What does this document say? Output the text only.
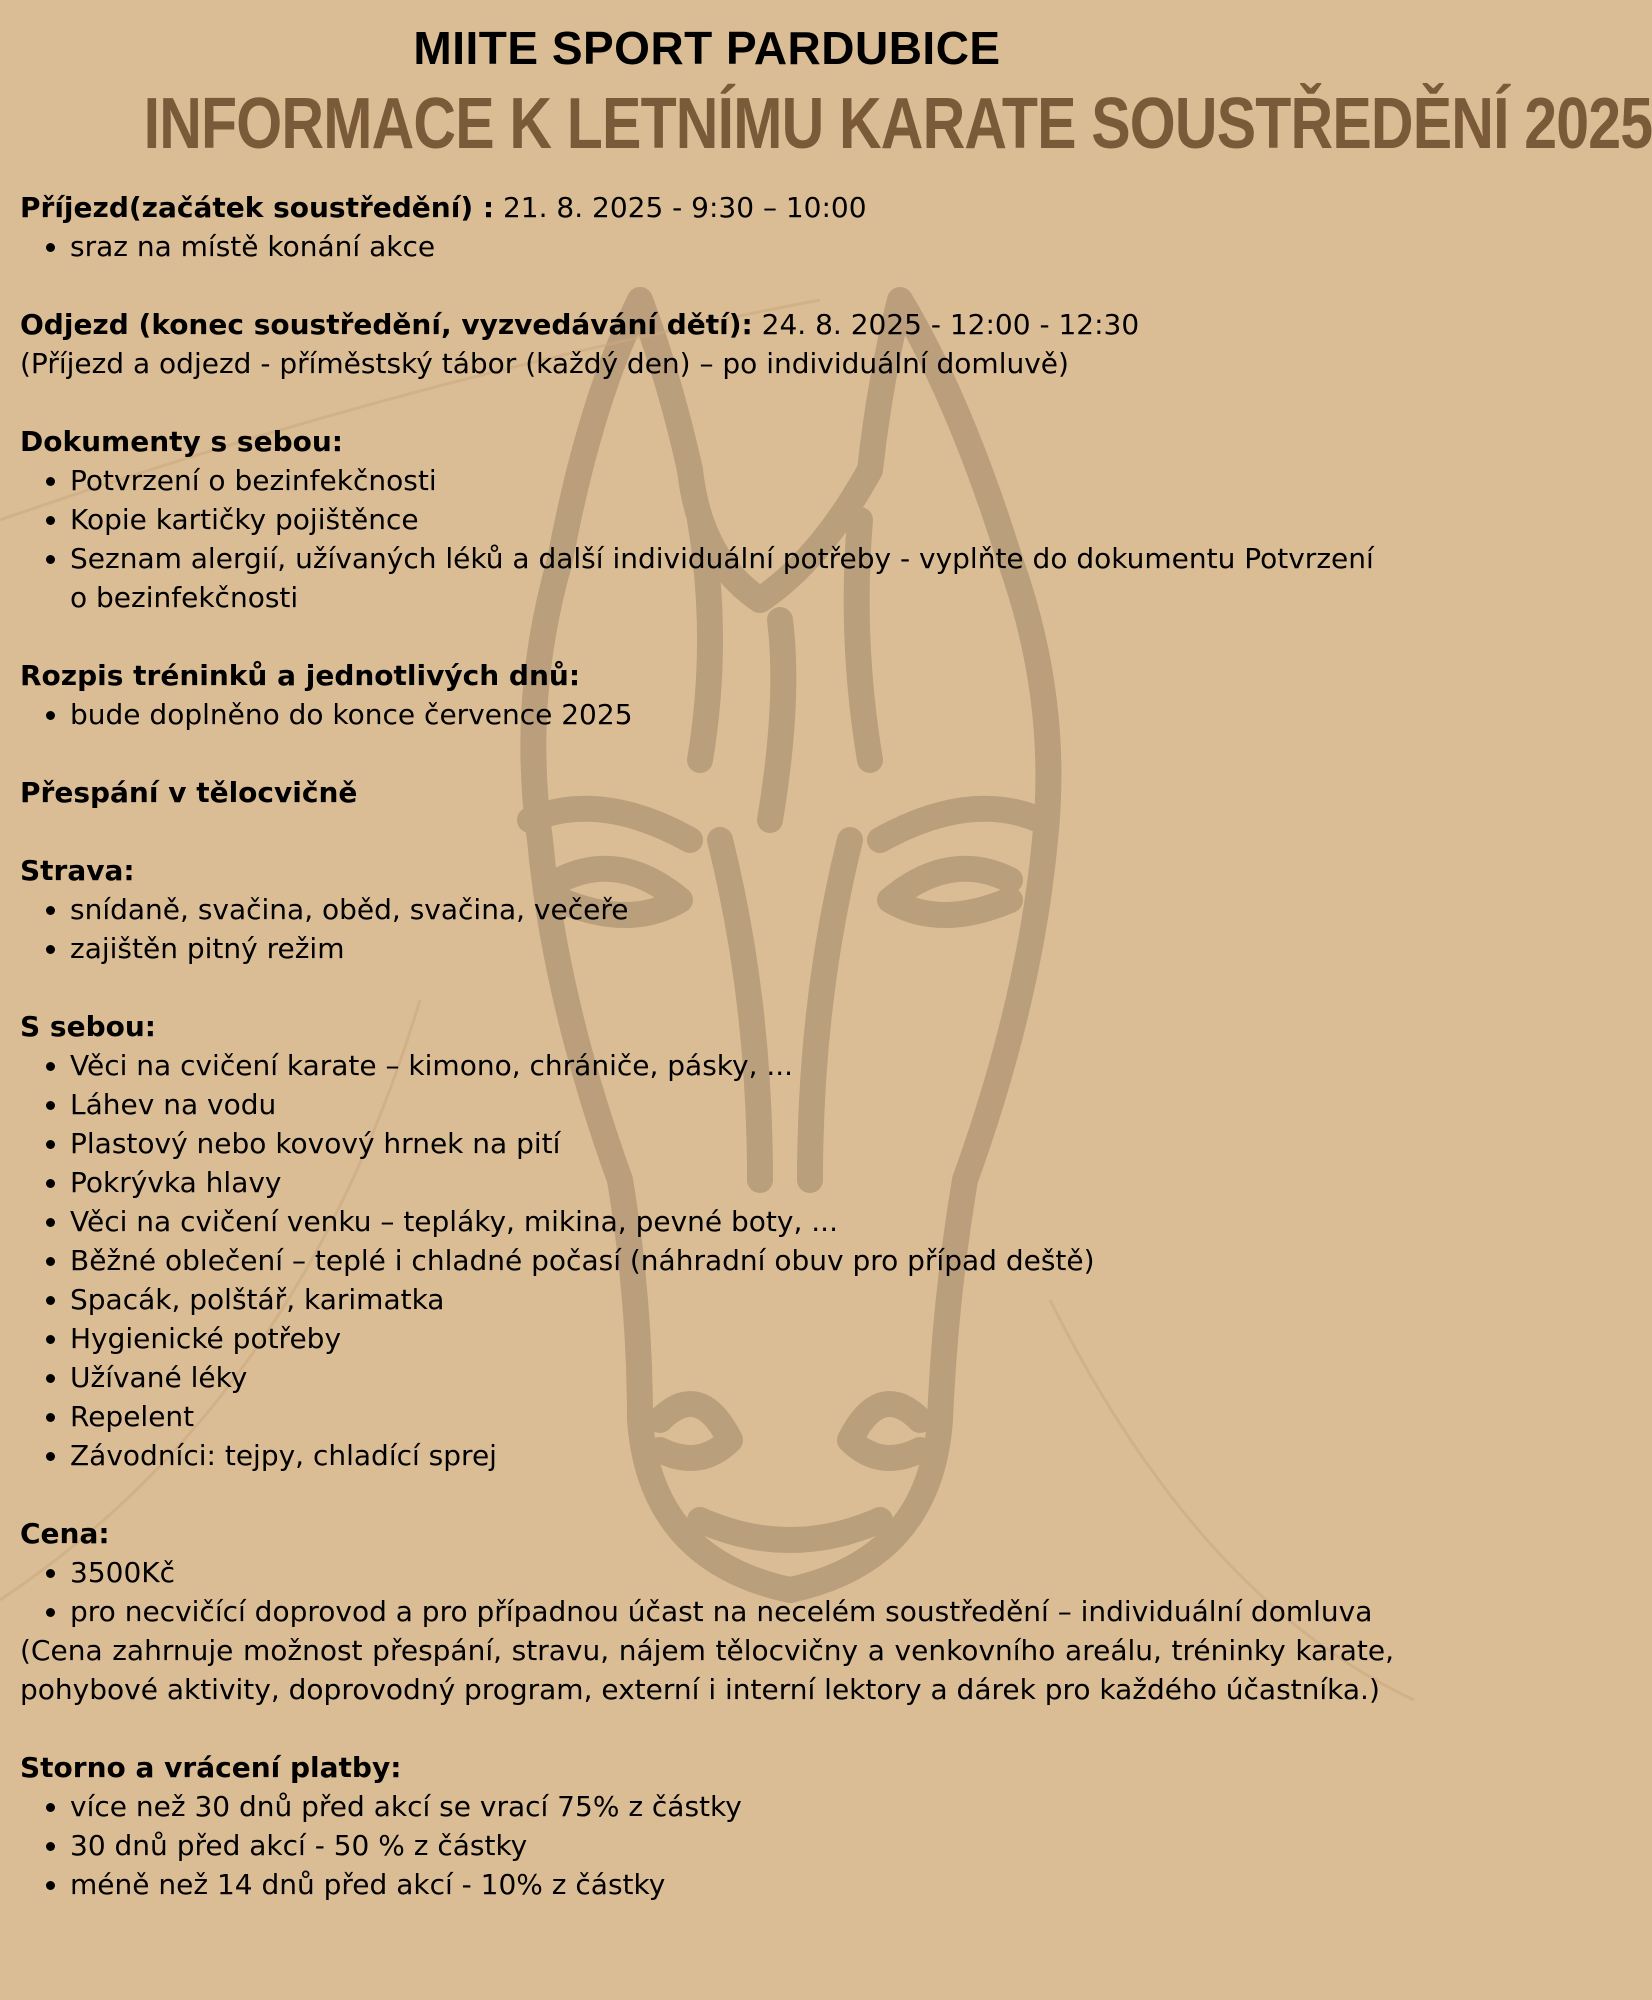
MIITE SPORT PARDUBICE
INFORMACE K LETNÍMU KARATE SOUSTŘEDĚNÍ 2025

Příjezd(začátek soustředění) : 21. 8. 2025 - 9:30 – 10:00

• sraz na místě konání akce

Odjezd (konec soustředění, vyzvedávání dětí): 24. 8. 2025 - 12:00 - 12:30

(Příjezd a odjezd - příměstský tábor (každý den) – po individuální domluvě)

Dokumenty s sebou:

• Potvrzení o bezinfekčnosti
• Kopie kartičky pojištěnce
• Seznam alergií, užívaných léků a další individuální potřeby - vyplňte do dokumentu Potvrzení o bezinfekčnosti

Rozpis tréninků a jednotlivých dnů:

• bude doplněno do konce července 2025

Přespání v tělocvičně

Strava:

• snídaně, svačina, oběd, svačina, večeře
• zajištěn pitný režim

S sebou:

• Věci na cvičení karate – kimono, chrániče, pásky, ...
• Láhev na vodu
• Plastový nebo kovový hrnek na pití
• Pokrývka hlavy
• Věci na cvičení venku – tepláky, mikina, pevné boty, ...
• Běžné oblečení – teplé i chladné počasí (náhradní obuv pro případ deště)
• Spacák, polštář, karimatka
• Hygienické potřeby
• Užívané léky
• Repelent
• Závodníci: tejpy, chladící sprej

Cena:

• 3500Kč
• pro necvičící doprovod a pro případnou účast na necelém soustředění – individuální domluva

(Cena zahrnuje možnost přespání, stravu, nájem tělocvičny a venkovního areálu, tréninky karate, pohybové aktivity, doprovodný program, externí i interní lektory a dárek pro každého účastníka.)

Storno a vrácení platby:

• více než 30 dnů před akcí se vrací 75% z částky
• 30 dnů před akcí - 50 % z částky
• méně než 14 dnů před akcí - 10% z částky
